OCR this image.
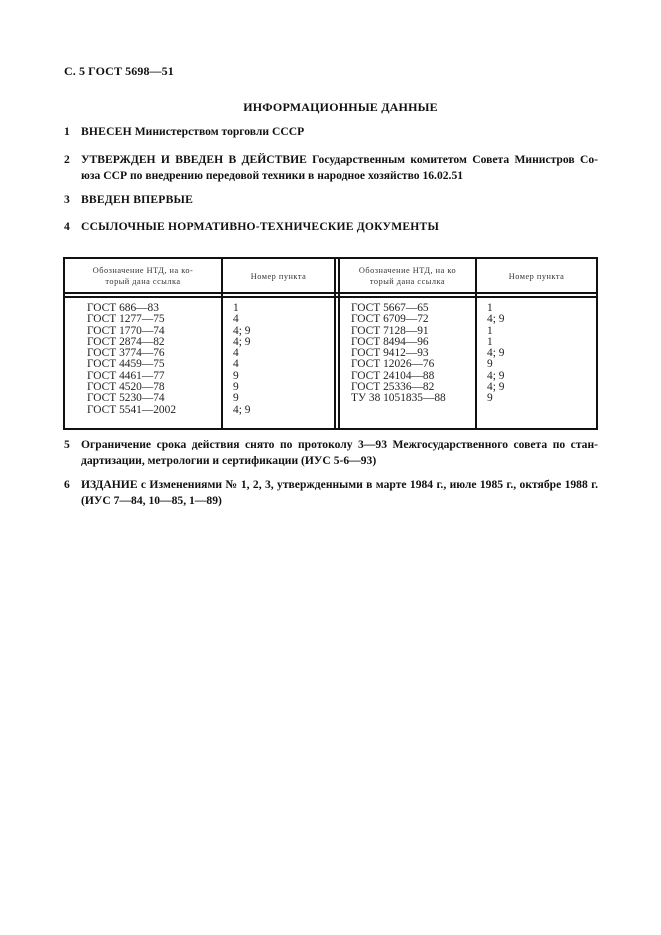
С. 5 ГОСТ 5698—51
ИНФОРМАЦИОННЫЕ ДАННЫЕ
1 ВНЕСЕН Министерством торговли СССР
2 УТВЕРЖДЕН И ВВЕДЕН В ДЕЙСТВИЕ Государственным комитетом Совета Министров Со-
юза ССР по внедрению передовой техники в народное хозяйство 16.02.51
3 ВВЕДЕН ВПЕРВЫЕ
4 ССЫЛОЧНЫЕ НОРМАТИВНО-ТЕХНИЧЕСКИЕ ДОКУМЕНТЫ
Обозначение НТД, на ко-
торый дана ссылка
Номер пункта
Обозначение НТД, на ко
торый дана ссылка
Номер пункта
ГОСТ 686—83
ГОСТ 1277—75
ГОСТ 1770—74
ГОСТ 2874—82
ГОСТ 3774—76
ГОСТ 4459—75
ГОСТ 4461—77
ГОСТ 4520—78
ГОСТ 5230—74
ГОСТ 5541—2002
1
4
4; 9
4; 9
4
4
9
9
9
4; 9
ГОСТ 5667—65
ГОСТ 6709—72
ГОСТ 7128—91
ГОСТ 8494—96
ГОСТ 9412—93
ГОСТ 12026—76
ГОСТ 24104—88
ГОСТ 25336—82
ТУ 38 1051835—88
1
4; 9
1
1
4; 9
9
4; 9
4; 9
9
5 Ограничение срока действия снято по протоколу 3—93 Межгосударственного совета по стан-
дартизации, метрологии и сертификации (ИУС 5-6—93)
6 ИЗДАНИЕ с Изменениями № 1, 2, 3, утвержденными в марте 1984 г., июле 1985 г., октябре 1988 г.
(ИУС 7—84, 10—85, 1—89)
